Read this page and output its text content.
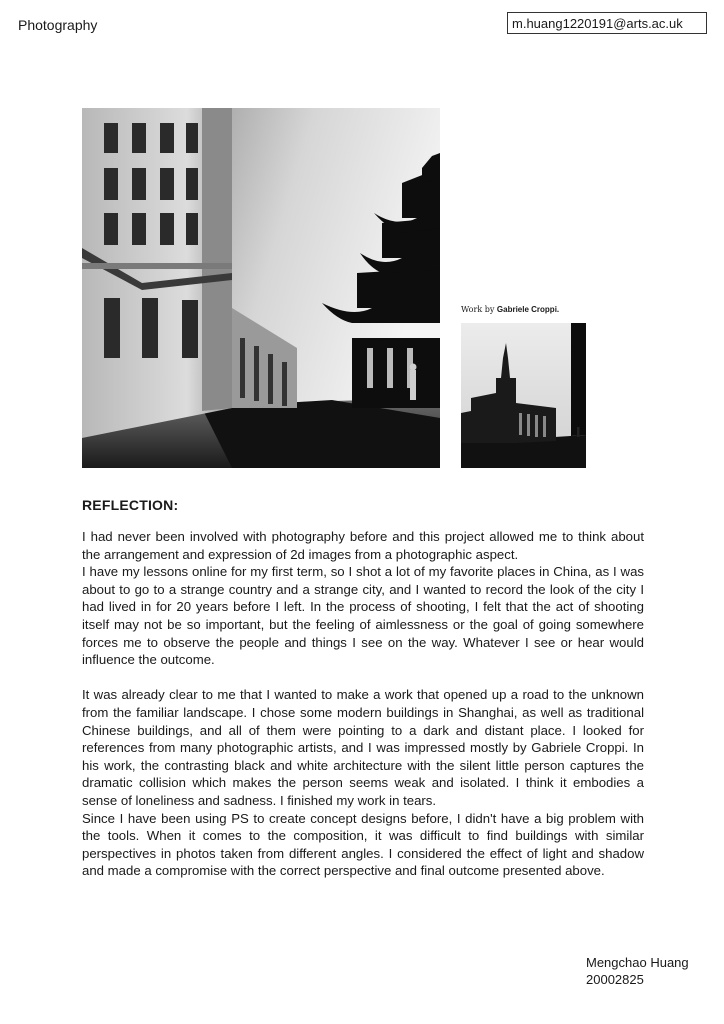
Photography	m.huang1220191@arts.ac.uk
Work by Gabriele Croppi.
REFLECTION:

I had never been involved with photography before and this project allowed me to think about the arrangement and expression of 2d images from a photographic aspect.

I have my lessons online for my first term, so I shot a lot of my favorite places in China, as I was about to go to a strange country and a strange city, and I wanted to record the look of the city I had lived in for 20 years before I left. In the process of shooting, I felt that the act of shooting itself may not be so important, but the feeling of aimlessness or the goal of going somewhere forces me to observe the people and things I see on the way. Whatever I see or hear would influence the outcome.

It was already clear to me that I wanted to make a work that opened up a road to the unknown from the familiar landscape. I chose some modern buildings in Shanghai, as well as traditional Chinese buildings, and all of them were pointing to a dark and distant place. I looked for references from many photographic artists, and I was impressed mostly by Gabriele Croppi. In his work, the contrasting black and white architecture with the silent little person captures the dramatic collision which makes the person seems weak and isolated. I think it embodies a sense of loneliness and sadness. I finished my work in tears.

Since I have been using PS to create concept designs before, I didn't have a big problem with the tools. When it comes to the composition, it was difficult to find buildings with similar perspectives in photos taken from different angles. I considered the effect of light and shadow and made a compromise with the correct perspective and final outcome presented above.

Mengchao Huang
20002825
